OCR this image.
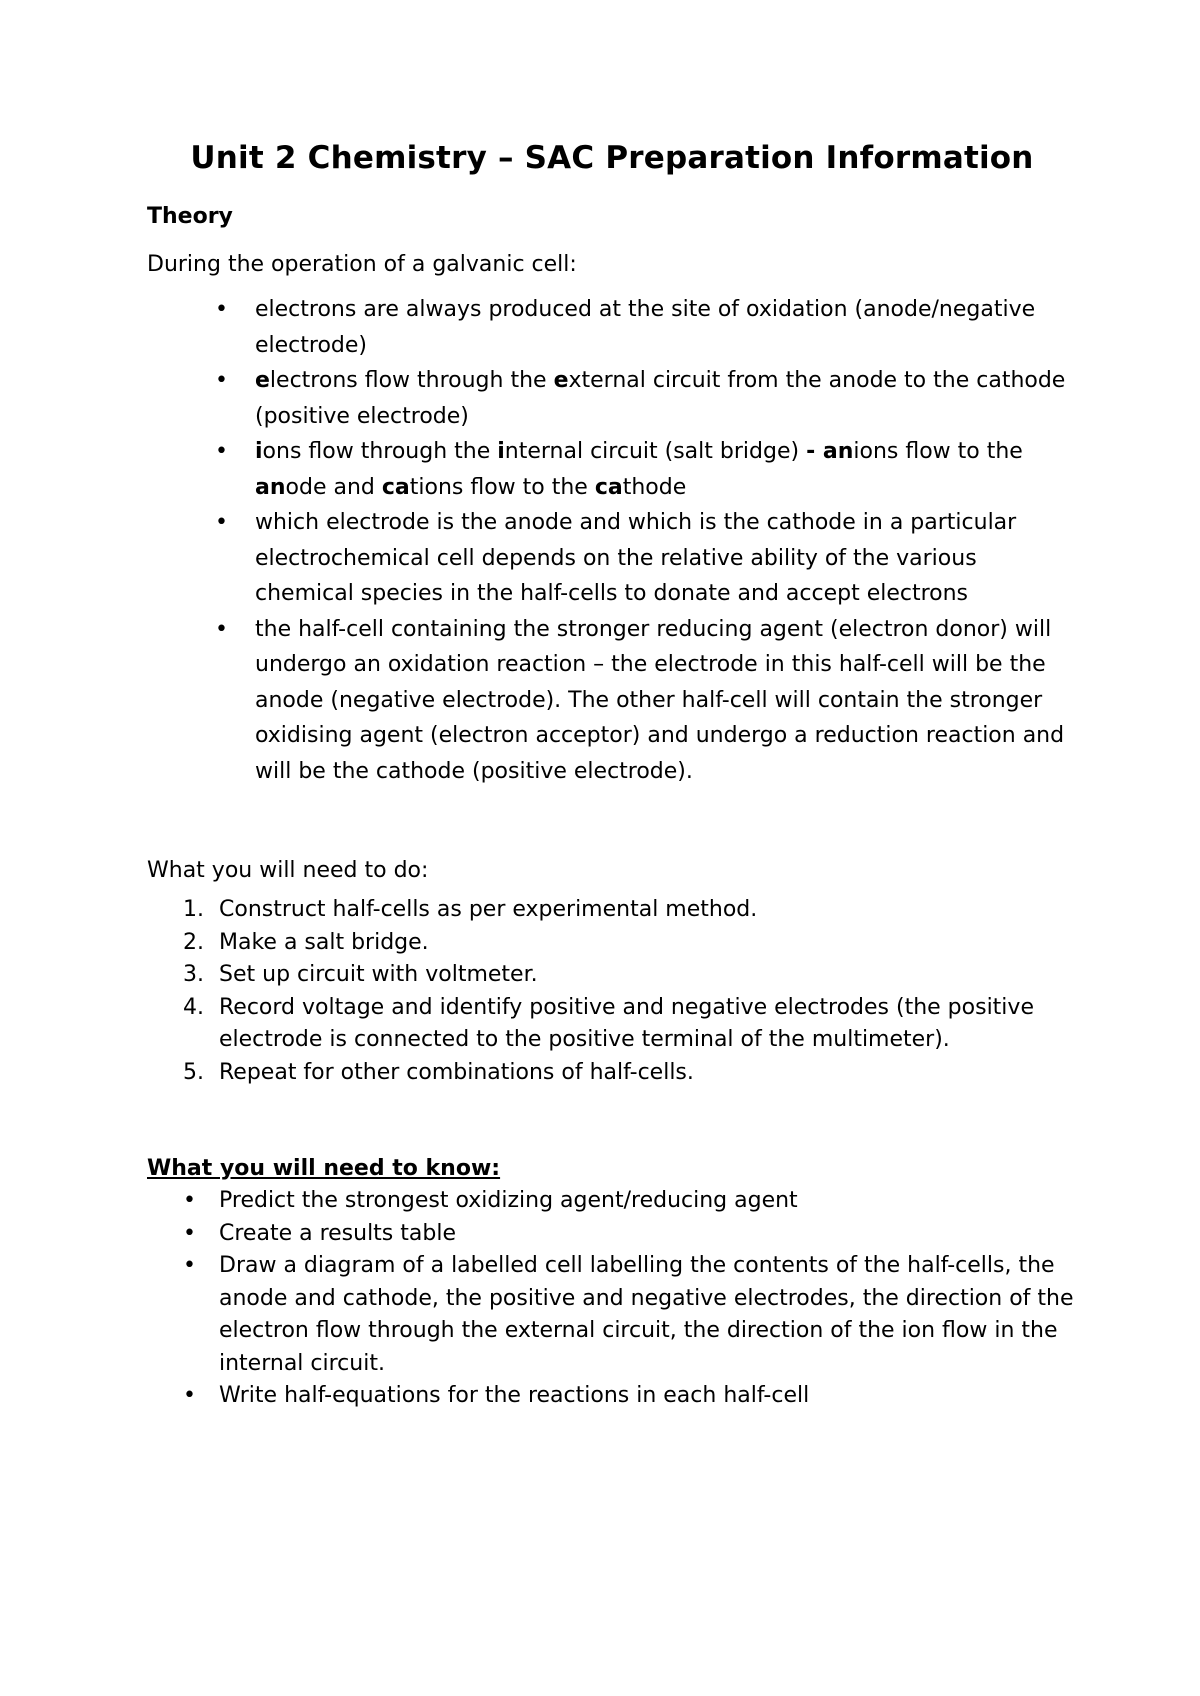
Unit 2 Chemistry – SAC Preparation Information
Theory
During the operation of a galvanic cell:
• electrons are always produced at the site of oxidation (anode/negative electrode)
• electrons flow through the external circuit from the anode to the cathode (positive electrode)
• ions flow through the internal circuit (salt bridge) - anions flow to the anode and cations flow to the cathode
• which electrode is the anode and which is the cathode in a particular electrochemical cell depends on the relative ability of the various chemical species in the half-cells to donate and accept electrons
• the half-cell containing the stronger reducing agent (electron donor) will undergo an oxidation reaction – the electrode in this half-cell will be the anode (negative electrode). The other half-cell will contain the stronger oxidising agent (electron acceptor) and undergo a reduction reaction and will be the cathode (positive electrode).
What you will need to do:
1. Construct half-cells as per experimental method.
2. Make a salt bridge.
3. Set up circuit with voltmeter.
4. Record voltage and identify positive and negative electrodes (the positive electrode is connected to the positive terminal of the multimeter).
5. Repeat for other combinations of half-cells.
What you will need to know:
• Predict the strongest oxidizing agent/reducing agent
• Create a results table
• Draw a diagram of a labelled cell labelling the contents of the half-cells, the anode and cathode, the positive and negative electrodes, the direction of the electron flow through the external circuit, the direction of the ion flow in the internal circuit.
• Write half-equations for the reactions in each half-cell
